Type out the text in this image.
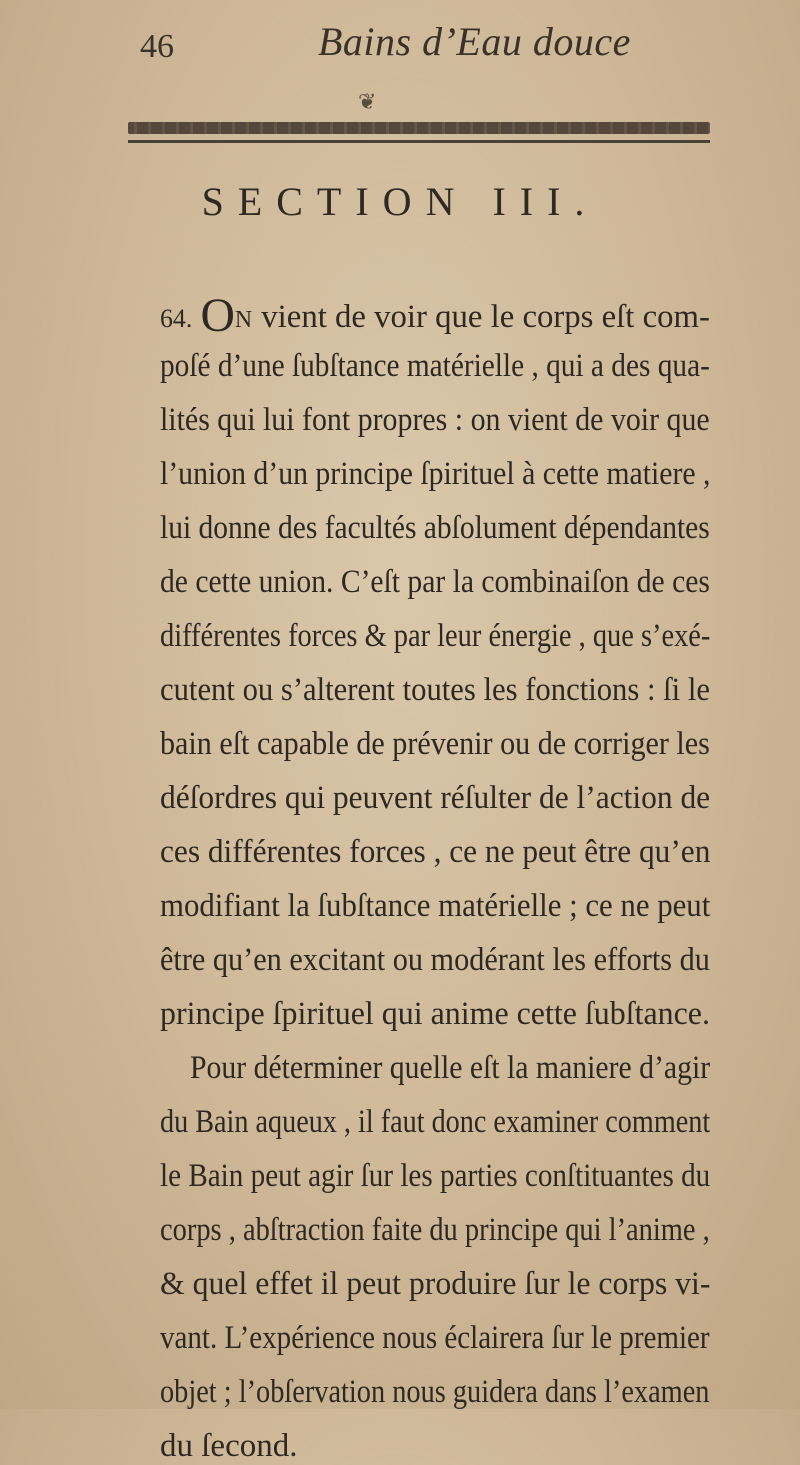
46	Bains d’Eau douce
❦
SECTION III.
64. ON vient de voir que le corps eſt com-
poſé d’une ſubſtance matérielle , qui a des qua-
lités qui lui font propres : on vient de voir que
l’union d’un principe ſpirituel à cette matiere ,
lui donne des facultés abſolument dépendantes
de cette union. C’eſt par la combinaiſon de ces
différentes forces & par leur énergie , que s’exé-
cutent ou s’alterent toutes les fonctions : ſi le
bain eſt capable de prévenir ou de corriger les
déſordres qui peuvent réſulter de l’action de
ces différentes forces , ce ne peut être qu’en
modifiant la ſubſtance matérielle ; ce ne peut
être qu’en excitant ou modérant les efforts du
principe ſpirituel qui anime cette ſubſtance.
Pour déterminer quelle eſt la maniere d’agir
du Bain aqueux , il faut donc examiner comment
le Bain peut agir ſur les parties conſtituantes du
corps , abſtraction faite du principe qui l’anime ,
& quel effet il peut produire ſur le corps vi-
vant. L’expérience nous éclairera ſur le premier
objet ; l’obſervation nous guidera dans l’examen
du ſecond.
